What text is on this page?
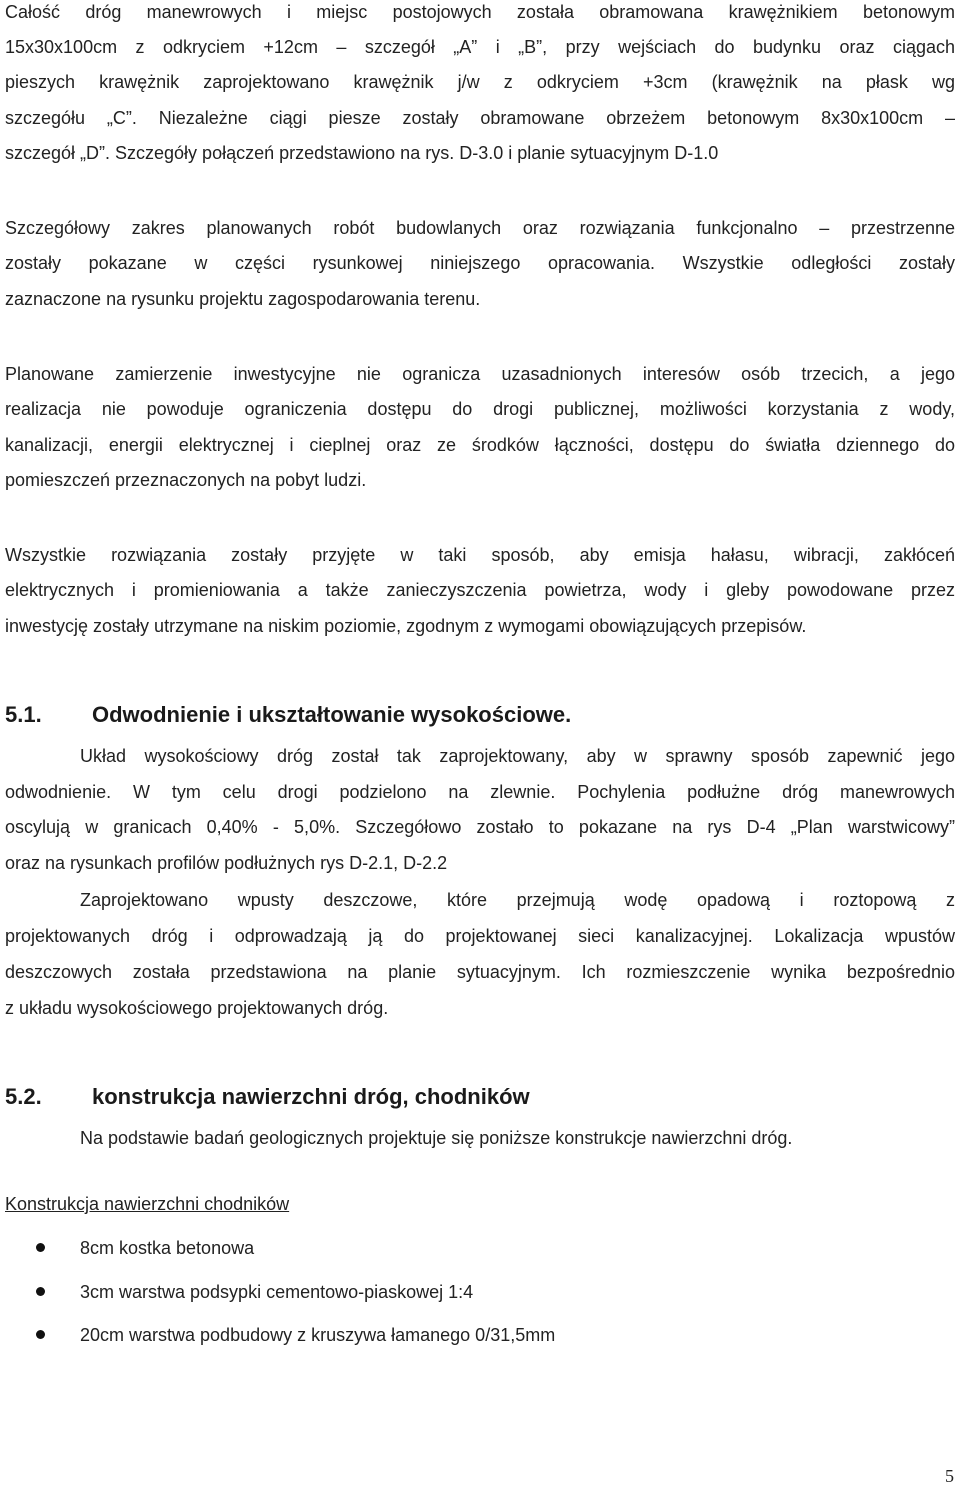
Całość dróg manewrowych i miejsc postojowych została obramowana krawężnikiem betonowym
15x30x100cm z odkryciem +12cm – szczegół „A” i „B”, przy wejściach do budynku oraz ciągach
pieszych krawężnik zaprojektowano krawężnik j/w z odkryciem +3cm (krawężnik na płask wg
szczegółu „C”. Niezależne ciągi piesze zostały obramowane obrzeżem betonowym 8x30x100cm –
szczegół „D”. Szczegóły połączeń przedstawiono na rys. D-3.0 i planie sytuacyjnym D-1.0
Szczegółowy zakres planowanych robót budowlanych oraz rozwiązania funkcjonalno – przestrzenne
zostały pokazane w części rysunkowej niniejszego opracowania. Wszystkie odległości zostały
zaznaczone na rysunku projektu zagospodarowania terenu.
Planowane zamierzenie inwestycyjne nie ogranicza uzasadnionych interesów osób trzecich, a jego
realizacja nie powoduje ograniczenia dostępu do drogi publicznej, możliwości korzystania z wody,
kanalizacji, energii elektrycznej i cieplnej oraz ze środków łączności, dostępu do światła dziennego do
pomieszczeń przeznaczonych na pobyt ludzi.
Wszystkie rozwiązania zostały przyjęte w taki sposób, aby emisja hałasu, wibracji, zakłóceń
elektrycznych i promieniowania a także zanieczyszczenia powietrza, wody i gleby powodowane przez
inwestycję zostały utrzymane na niskim poziomie, zgodnym z wymogami obowiązujących przepisów.
5.1. Odwodnienie i ukształtowanie wysokościowe.
Układ wysokościowy dróg został tak zaprojektowany, aby w sprawny sposób zapewnić jego
odwodnienie. W tym celu drogi podzielono na zlewnie. Pochylenia podłużne dróg manewrowych
oscylują w granicach 0,40% - 5,0%. Szczegółowo zostało to pokazane na rys D-4 „Plan warstwicowy”
oraz na rysunkach profilów podłużnych rys D-2.1, D-2.2
Zaprojektowano wpusty deszczowe, które przejmują wodę opadową i roztopową z
projektowanych dróg i odprowadzają ją do projektowanej sieci kanalizacyjnej. Lokalizacja wpustów
deszczowych została przedstawiona na planie sytuacyjnym. Ich rozmieszczenie wynika bezpośrednio
z układu wysokościowego projektowanych dróg.
5.2. konstrukcja nawierzchni dróg, chodników
Na podstawie badań geologicznych projektuje się poniższe konstrukcje nawierzchni dróg.
Konstrukcja nawierzchni chodników
8cm kostka betonowa
3cm warstwa podsypki cementowo-piaskowej 1:4
20cm warstwa podbudowy z kruszywa łamanego 0/31,5mm
5
